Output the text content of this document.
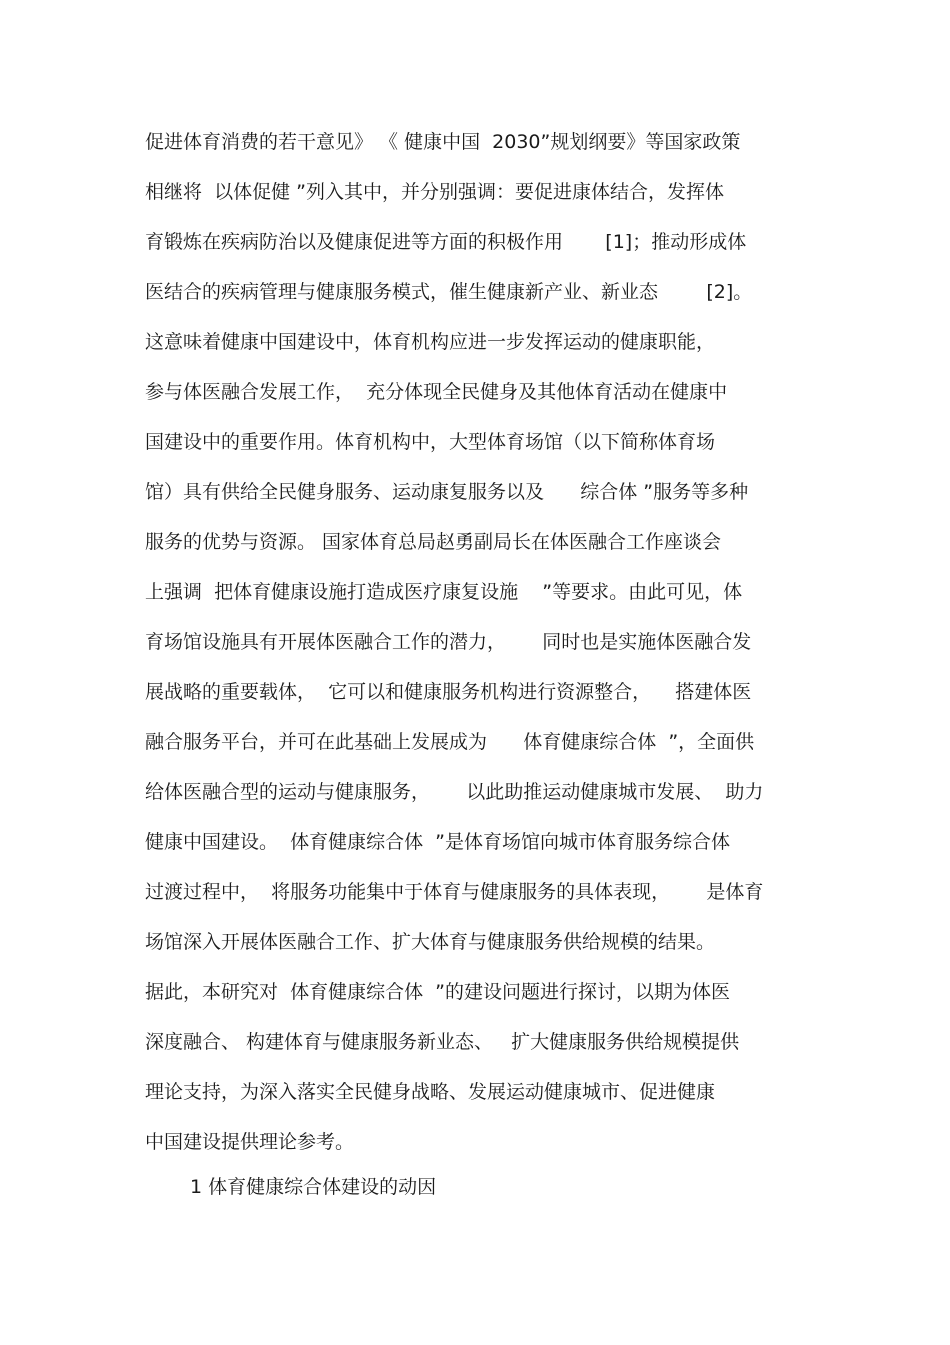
促进体育消费的若干意见》 《 健康中国  2030”规划纲要》等国家政策
相继将  以体促健 ”列入其中，并分别强调：要促进康体结合，发挥体
育锻炼在疾病防治以及健康促进等方面的积极作用       [1]；推动形成体
医结合的疾病管理与健康服务模式，催生健康新产业、新业态        [2]。
这意味着健康中国建设中，体育机构应进一步发挥运动的健康职能，
参与体医融合发展工作，  充分体现全民健身及其他体育活动在健康中
国建设中的重要作用。体育机构中，大型体育场馆（以下简称体育场
馆）具有供给全民健身服务、运动康复服务以及      综合体 ”服务等多种
服务的优势与资源。 国家体育总局赵勇副局长在体医融合工作座谈会
上强调  把体育健康设施打造成医疗康复设施    ”等要求。由此可见，体
育场馆设施具有开展体医融合工作的潜力，      同时也是实施体医融合发
展战略的重要载体，  它可以和健康服务机构进行资源整合，    搭建体医
融合服务平台，并可在此基础上发展成为      体育健康综合体  ”，全面供
给体医融合型的运动与健康服务，      以此助推运动健康城市发展、  助力
健康中国建设。  体育健康综合体  ”是体育场馆向城市体育服务综合体
过渡过程中，  将服务功能集中于体育与健康服务的具体表现，      是体育
场馆深入开展体医融合工作、扩大体育与健康服务供给规模的结果。
据此，本研究对  体育健康综合体  ”的建设问题进行探讨，以期为体医
深度融合、 构建体育与健康服务新业态、   扩大健康服务供给规模提供
理论支持，为深入落实全民健身战略、发展运动健康城市、促进健康
中国建设提供理论参考。
1 体育健康综合体建设的动因
